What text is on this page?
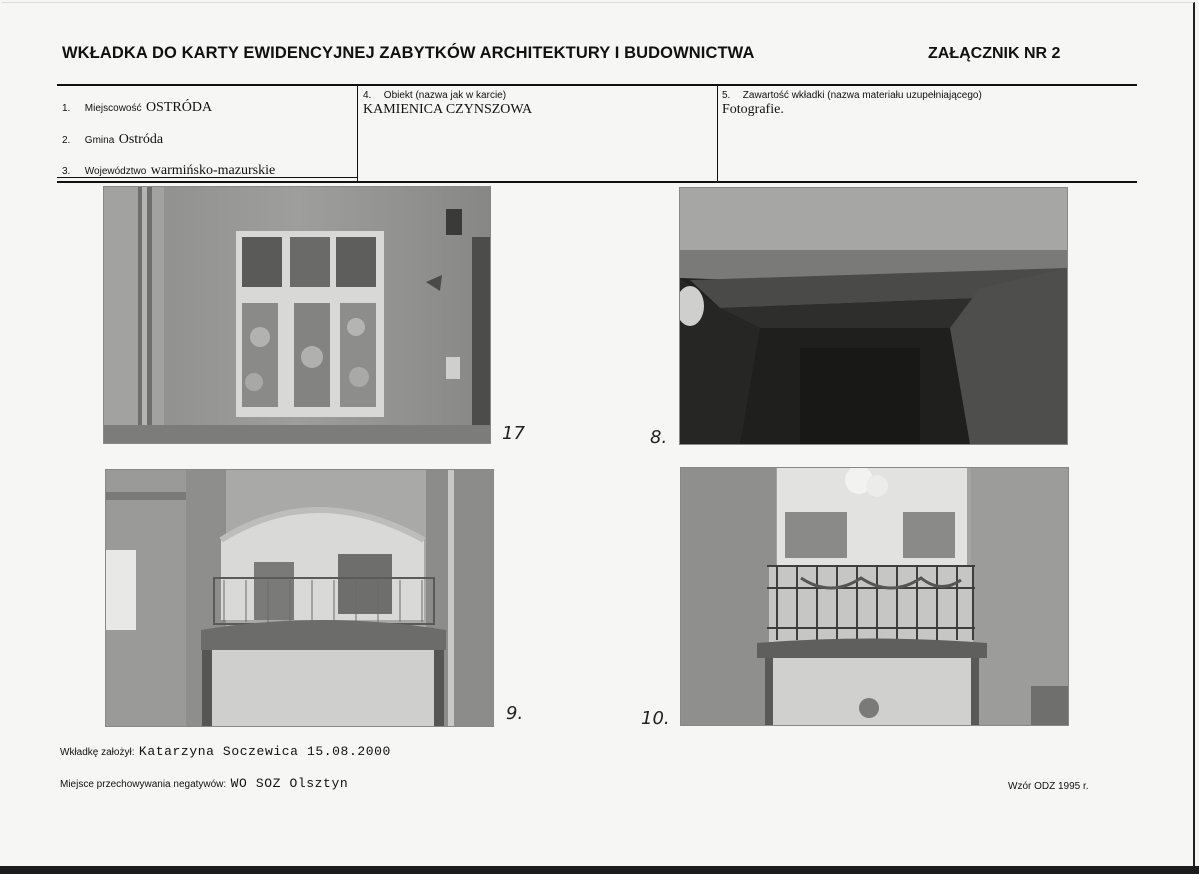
WKŁADKA DO KARTY EWIDENCYJNEJ ZABYTKÓW ARCHITEKTURY I BUDOWNICTWA	ZAŁĄCZNIK NR 2
1. Miejscowość OSTRÓDA
2. Gmina Ostróda
3. Województwo warmińsko-mazurskie
4. Obiekt (nazwa jak w karcie)
KAMIENICA CZYNSZOWA
5. Zawartość wkładki (nazwa materiału uzupełniającego)
Fotografie.
17	8.
9.	10.
Wkładkę założył: Katarzyna Soczewica 15.08.2000
Miejsce przechowywania negatywów: WO SOZ Olsztyn	Wzór ODZ 1995 r.
